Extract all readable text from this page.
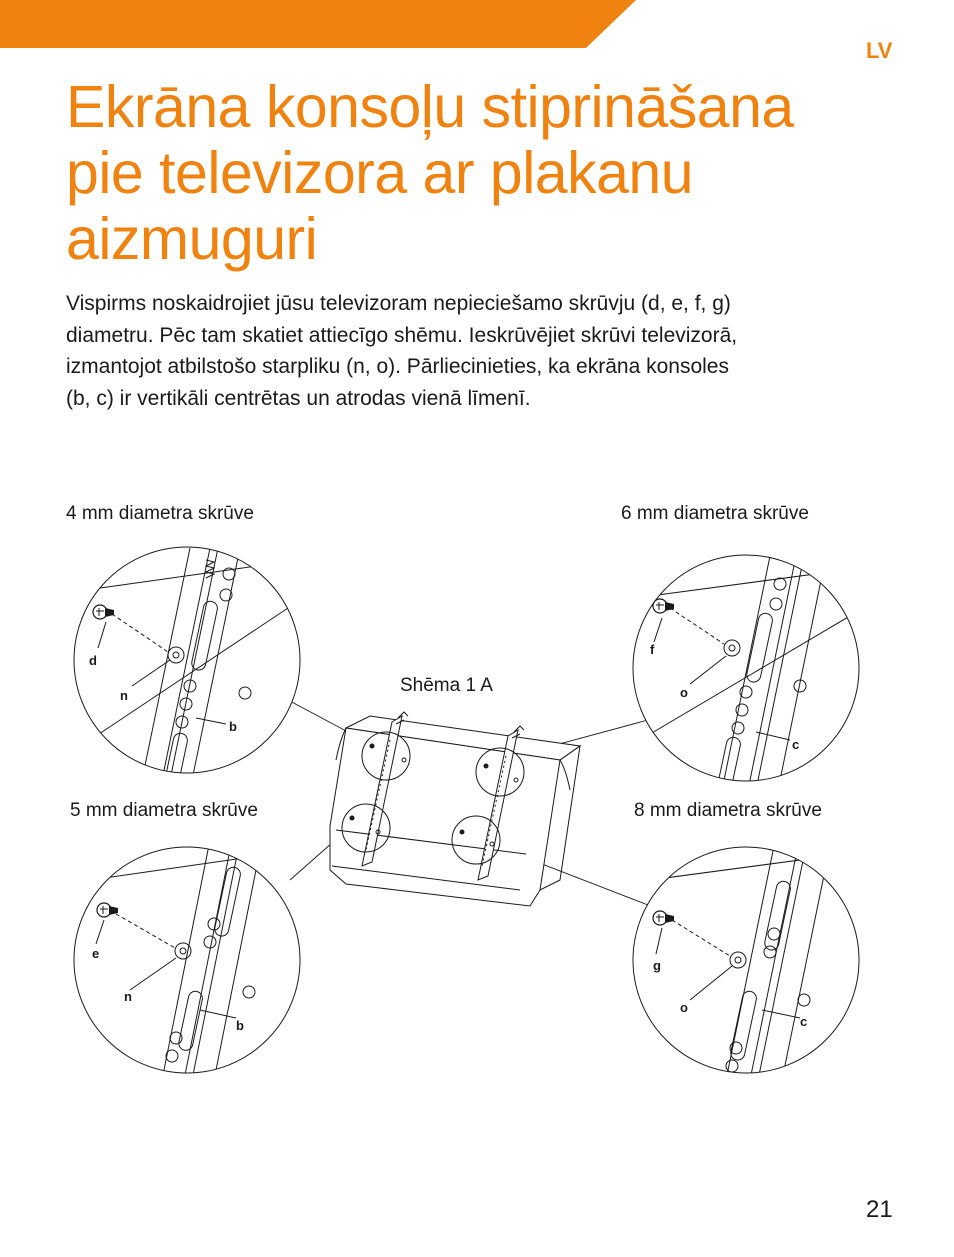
LV
Ekrāna konsoļu stiprināšana
pie televizora ar plakanu
aizmuguri

Vispirms noskaidrojiet jūsu televizoram nepieciešamo skrūvju (d, e, f, g)
diametru. Pēc tam skatiet attiecīgo shēmu. Ieskrūvējiet skrūvi televizorā,
izmantojot atbilstošo starpliku (n, o). Pārliecinieties, ka ekrāna konsoles
(b, c) ir vertikāli centrētas un atrodas vienā līmenī.

4 mm diametra skrūve	6 mm diametra skrūve
5 mm diametra skrūve	8 mm diametra skrūve
Shēma 1 A
d
n
b
f
o
c
e
n
b
g
o
c
21
